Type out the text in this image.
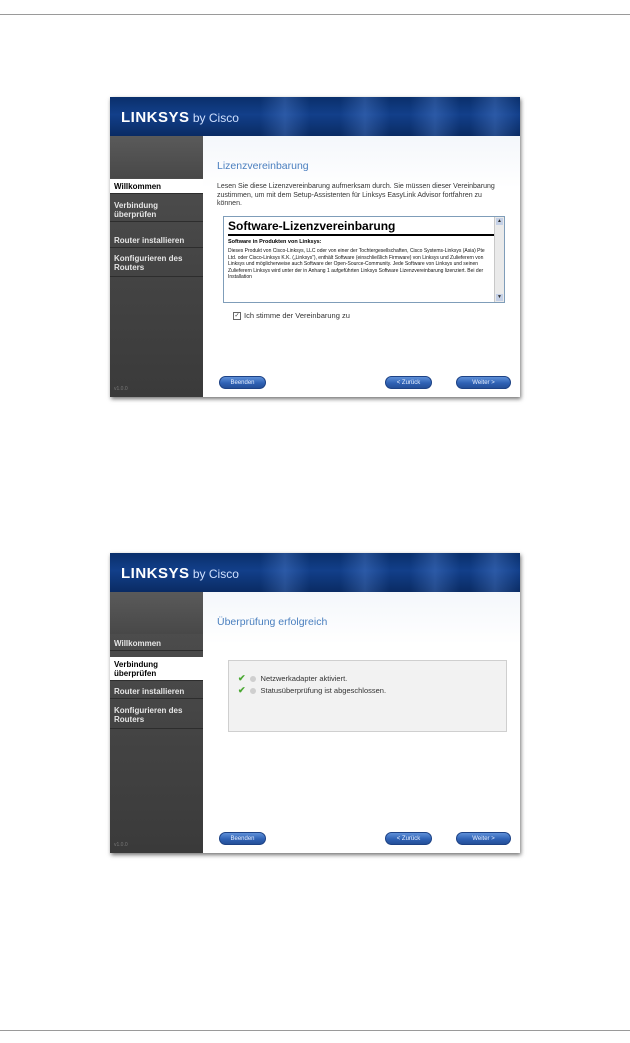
LINKSYS by Cisco
Willkommen
Verbindung überprüfen
Router installieren
Konfigurieren des Routers
v1.0.0
Lizenzvereinbarung
Lesen Sie diese Lizenzvereinbarung aufmerksam durch. Sie müssen dieser Vereinbarung zustimmen, um mit dem Setup-Assistenten für Linksys EasyLink Advisor fortfahren zu können.
Software-Lizenzvereinbarung
Software in Produkten von Linksys:
Dieses Produkt von Cisco-Linksys, LLC oder von einer der Tochtergesellschaften, Cisco Systems-Linksys (Asia) Pte Ltd. oder Cisco-Linksys K.K. („Linksys“), enthält Software (einschließlich Firmware) von Linksys und Zulieferern von Linksys und möglicherweise auch Software der Open-Source-Community. Jede Software von Linksys und seinen Zulieferern Linksys wird unter der in Anhang 1 aufgeführten Linksys Software Lizenzvereinbarung lizenziert. Bei der Installation
▲
▼
✓ Ich stimme der Vereinbarung zu
Beenden	< Zurück	Weiter >
LINKSYS by Cisco
Willkommen
Verbindung überprüfen
Router installieren
Konfigurieren des Routers
v1.0.0
Überprüfung erfolgreich
✔ Netzwerkadapter aktiviert.
✔ Statusüberprüfung ist abgeschlossen.
Beenden	< Zurück	Weiter >
